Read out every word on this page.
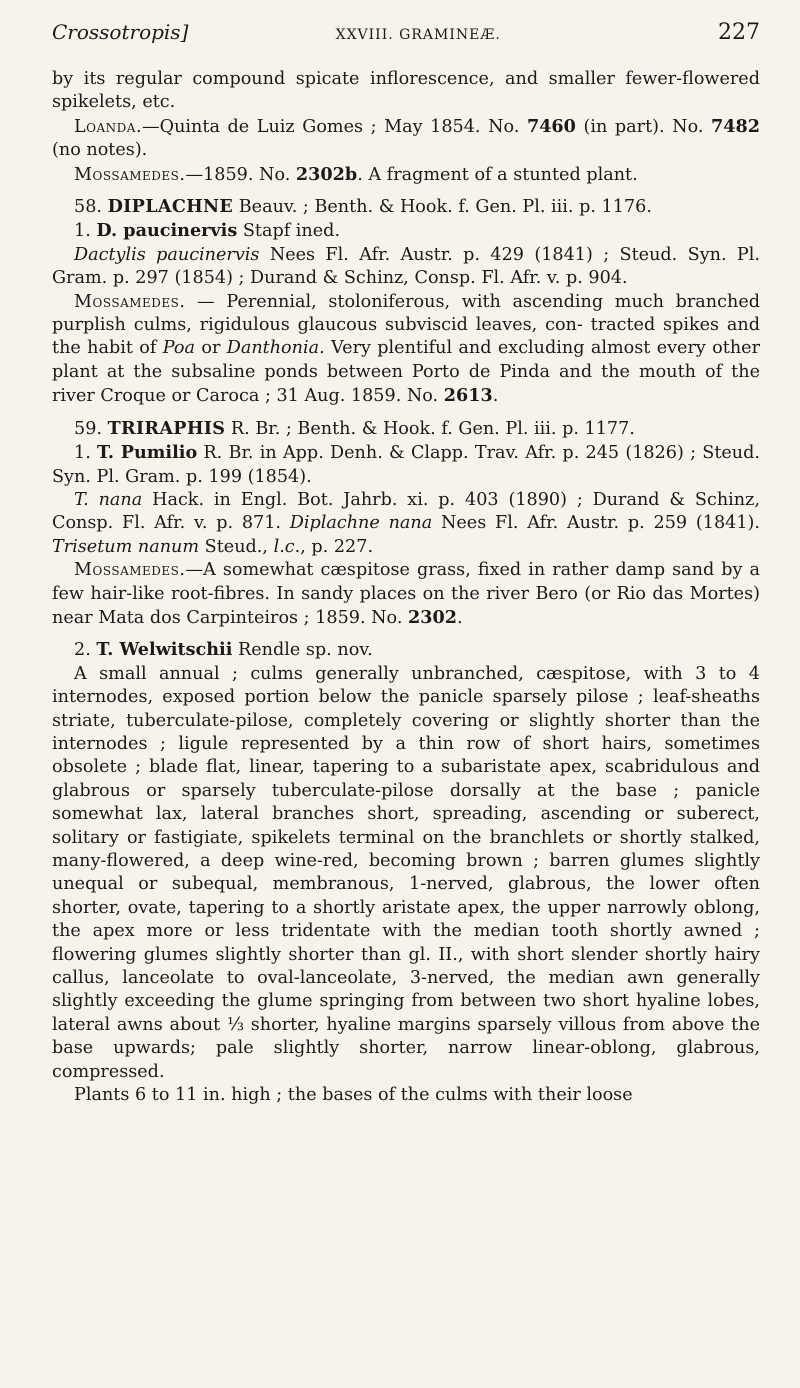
Crossotropis]	XXVIII. GRAMINEÆ.	227

by its regular compound spicate inflorescence, and smaller fewer-flowered spikelets, etc.

Loanda.—Quinta de Luiz Gomes ; May 1854. No. 7460 (in part). No. 7482 (no notes).

Mossamedes.—1859. No. 2302b. A fragment of a stunted plant.

58. DIPLACHNE Beauv. ; Benth. & Hook. f. Gen. Pl. iii. p. 1176.

1. D. paucinervis Stapf ined.

Dactylis paucinervis Nees Fl. Afr. Austr. p. 429 (1841) ; Steud. Syn. Pl. Gram. p. 297 (1854) ; Durand & Schinz, Consp. Fl. Afr. v. p. 904.

Mossamedes. — Perennial, stoloniferous, with ascending much branched purplish culms, rigidulous glaucous subviscid leaves, con- tracted spikes and the habit of Poa or Danthonia. Very plentiful and excluding almost every other plant at the subsaline ponds between Porto de Pinda and the mouth of the river Croque or Caroca ; 31 Aug. 1859. No. 2613.

59. TRIRAPHIS R. Br. ; Benth. & Hook. f. Gen. Pl. iii. p. 1177.

1. T. Pumilio R. Br. in App. Denh. & Clapp. Trav. Afr. p. 245 (1826) ; Steud. Syn. Pl. Gram. p. 199 (1854).

T. nana Hack. in Engl. Bot. Jahrb. xi. p. 403 (1890) ; Durand & Schinz, Consp. Fl. Afr. v. p. 871. Diplachne nana Nees Fl. Afr. Austr. p. 259 (1841). Trisetum nanum Steud., l.c., p. 227.

Mossamedes.—A somewhat cæspitose grass, fixed in rather damp sand by a few hair-like root-fibres. In sandy places on the river Bero (or Rio das Mortes) near Mata dos Carpinteiros ; 1859. No. 2302.

2. T. Welwitschii Rendle sp. nov.

A small annual ; culms generally unbranched, cæspitose, with 3 to 4 internodes, exposed portion below the panicle sparsely pilose ; leaf-sheaths striate, tuberculate-pilose, completely covering or slightly shorter than the internodes ; ligule represented by a thin row of short hairs, sometimes obsolete ; blade flat, linear, tapering to a subaristate apex, scabridulous and glabrous or sparsely tuberculate-pilose dorsally at the base ; panicle somewhat lax, lateral branches short, spreading, ascending or suberect, solitary or fastigiate, spikelets terminal on the branchlets or shortly stalked, many-flowered, a deep wine-red, becoming brown ; barren glumes slightly unequal or subequal, membranous, 1-nerved, glabrous, the lower often shorter, ovate, tapering to a shortly aristate apex, the upper narrowly oblong, the apex more or less tridentate with the median tooth shortly awned ; flowering glumes slightly shorter than gl. II., with short slender shortly hairy callus, lanceolate to oval-lanceolate, 3-nerved, the median awn generally slightly exceeding the glume springing from between two short hyaline lobes, lateral awns about ⅓ shorter, hyaline margins sparsely villous from above the base upwards; pale slightly shorter, narrow linear-oblong, glabrous, compressed.

Plants 6 to 11 in. high ; the bases of the culms with their loose
